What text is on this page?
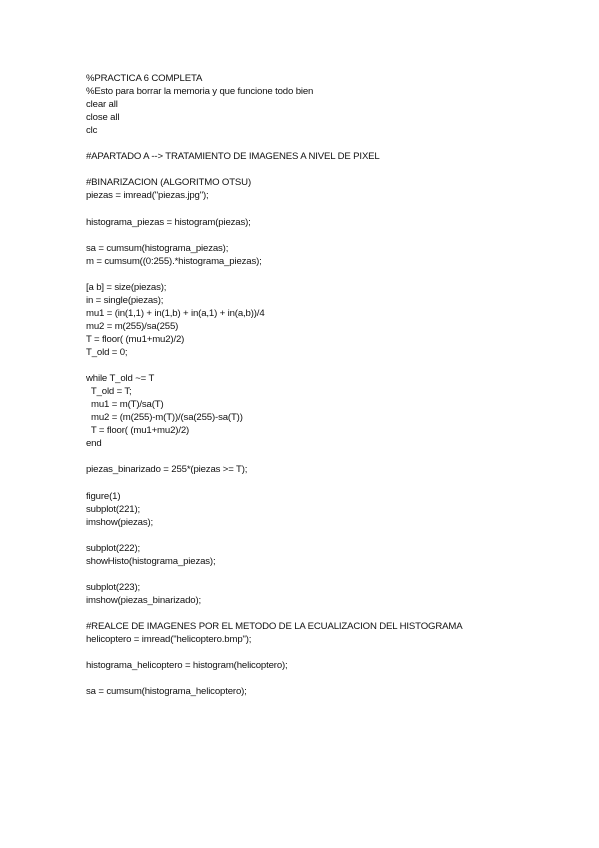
%PRACTICA 6 COMPLETA
%Esto para borrar la memoria y que funcione todo bien
clear all
close all
clc
#APARTADO A --> TRATAMIENTO DE IMAGENES A NIVEL DE PIXEL
#BINARIZACION (ALGORITMO OTSU)
piezas = imread("piezas.jpg");
histograma_piezas = histogram(piezas);
sa = cumsum(histograma_piezas);
m = cumsum((0:255).*histograma_piezas);
[a b] = size(piezas);
in = single(piezas);
mu1 = (in(1,1) + in(1,b) + in(a,1) + in(a,b))/4
mu2 = m(255)/sa(255)
T = floor( (mu1+mu2)/2)
T_old = 0;
while T_old ~= T
T_old = T;
mu1 = m(T)/sa(T)
mu2 = (m(255)-m(T))/(sa(255)-sa(T))
T = floor( (mu1+mu2)/2)
end
piezas_binarizado = 255*(piezas >= T);
figure(1)
subplot(221);
imshow(piezas);
subplot(222);
showHisto(histograma_piezas);
subplot(223);
imshow(piezas_binarizado);
#REALCE DE IMAGENES POR EL METODO DE LA ECUALIZACION DEL HISTOGRAMA
helicoptero = imread("helicoptero.bmp");
histograma_helicoptero = histogram(helicoptero);
sa = cumsum(histograma_helicoptero);
